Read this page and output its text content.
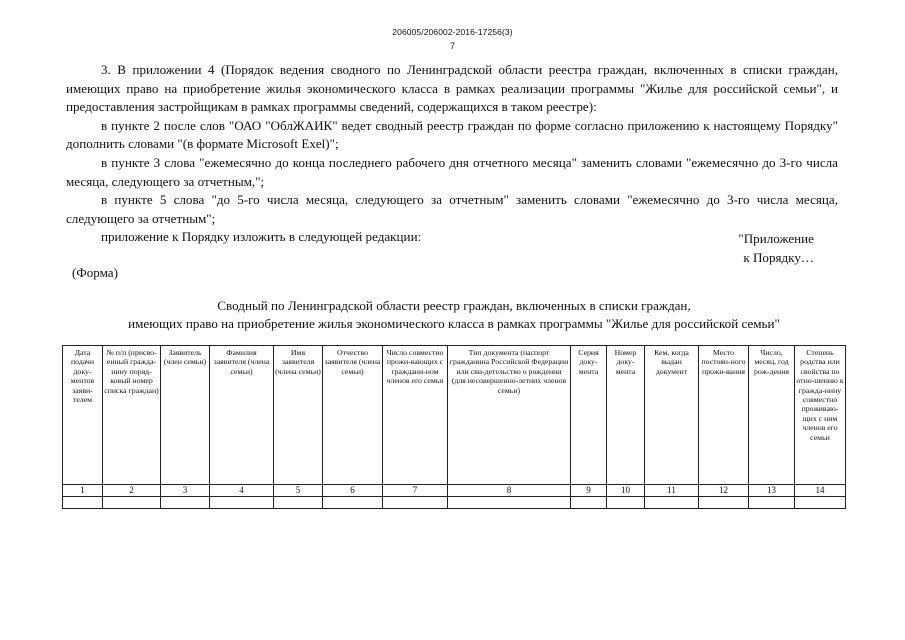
206005/206002-2016-17256(3)
7

3. В приложении 4 (Порядок ведения сводного по Ленинградской области реестра граждан, включенных в списки граждан, имеющих право на приобретение жилья экономического класса в рамках реализации программы "Жилье для российской семьи", и предоставления застройщикам в рамках программы сведений, содержащихся в таком реестре):

в пункте 2 после слов "ОАО "ОблЖАИК" ведет сводный реестр граждан по форме согласно приложению к настоящему Порядку" дополнить словами "(в формате Microsoft Exel)";

в пункте 3 слова "ежемесячно до конца последнего рабочего дня отчетного месяца" заменить словами "ежемесячно до 3-го числа месяца, следующего за отчетным,";

в пункте 5 слова "до 5-го числа месяца, следующего за отчетным" заменить словами "ежемесячно до 3-го числа месяца, следующего за отчетным";

приложение к Порядку изложить в следующей редакции:	"Приложение
к Порядку…
(Форма)
Сводный по Ленинградской области реестр граждан, включенных в списки граждан,
имеющих право на приобретение жилья экономического класса в рамках программы "Жилье для российской семьи"
Дата подачи доку-ментов заяви-телем	№ п/п (присво-енный гражда-нину поряд-ковый номер списка граждан)	Заявитель (член семьи)	Фамилия заявителя (члена семьи)	Имя заявителя (члена семьи)	Отчество заявителя (члена семьи)	Число совместно прожи-вающих с граждани-ном членов его семьи	Тип документа (паспорт гражданина Российской Федерации или сви-детельство о рождении (для несовершенно-летних членов семьи)	Серия доку-мента	Номер доку-мента	Кем, когда выдан документ	Место постоян-ного прожи-вания	Число, месяц, год рож-дения	Степень родства или свойства по отно-шению к гражда-нину совместно проживаю-щих с ним членов его семьи
1	2	3	4	5	6	7	8	9	10	11	12	13	14
